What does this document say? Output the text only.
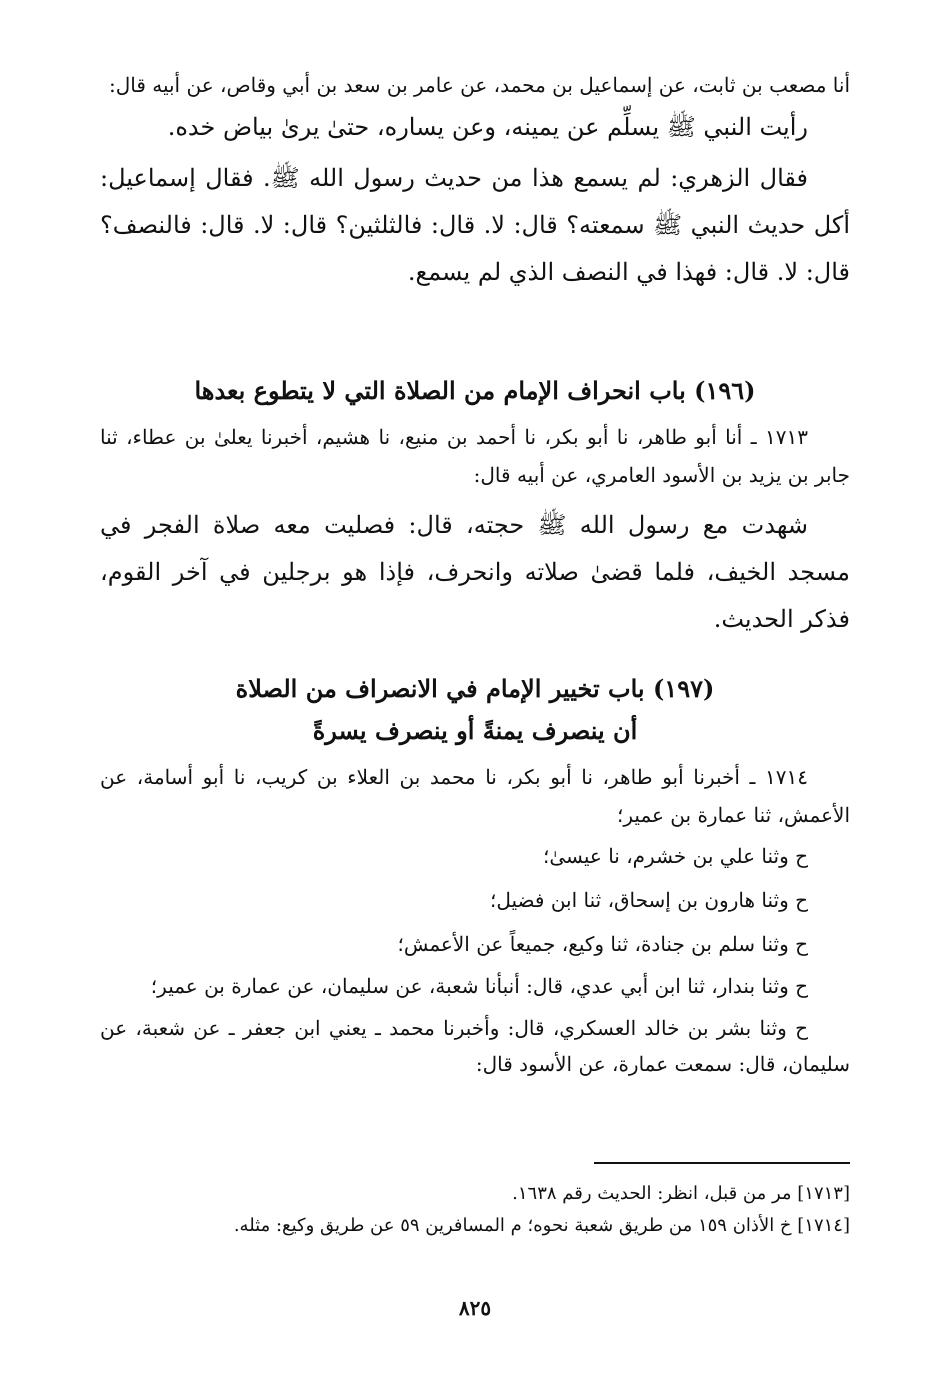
أنا مصعب بن ثابت، عن إسماعيل بن محمد، عن عامر بن سعد بن أبي وقاص، عن أبيه قال:

رأيت النبي ﷺ يسلِّم عن يمينه، وعن يساره، حتىٰ يرىٰ بياض خده.

فقال الزهري: لم يسمع هذا من حديث رسول الله ﷺ. فقال إسماعيل: أكل حديث النبي ﷺ سمعته؟ قال: لا. قال: فالثلثين؟ قال: لا. قال: فالنصف؟ قال: لا. قال: فهذا في النصف الذي لم يسمع.

(١٩٦) باب انحراف الإمام من الصلاة التي لا يتطوع بعدها

١٧١٣ ـ أنا أبو طاهر، نا أبو بكر، نا أحمد بن منيع، نا هشيم، أخبرنا يعلىٰ بن عطاء، ثنا جابر بن يزيد بن الأسود العامري، عن أبيه قال:

شهدت مع رسول الله ﷺ حجته، قال: فصليت معه صلاة الفجر في مسجد الخيف، فلما قضىٰ صلاته وانحرف، فإذا هو برجلين في آخر القوم، فذكر الحديث.

(١٩٧) باب تخيير الإمام في الانصراف من الصلاة

أن ينصرف يمنةً أو ينصرف يسرةً

١٧١٤ ـ أخبرنا أبو طاهر، نا أبو بكر، نا محمد بن العلاء بن كريب، نا أبو أسامة، عن الأعمش، ثنا عمارة بن عمير؛

ح وثنا علي بن خشرم، نا عيسىٰ؛

ح وثنا هارون بن إسحاق، ثنا ابن فضيل؛

ح وثنا سلم بن جنادة، ثنا وكيع، جميعاً عن الأعمش؛

ح وثنا بندار، ثنا ابن أبي عدي، قال: أنبأنا شعبة، عن سليمان، عن عمارة بن عمير؛

ح وثنا بشر بن خالد العسكري، قال: وأخبرنا محمد ـ يعني ابن جعفر ـ عن شعبة، عن سليمان، قال: سمعت عمارة، عن الأسود قال:

[١٧١٣] مر من قبل، انظر: الحديث رقم ١٦٣٨.

[١٧١٤] خ الأذان ١٥٩ من طريق شعبة نحوه؛ م المسافرين ٥٩ عن طريق وكيع: مثله.

٨٢٥
